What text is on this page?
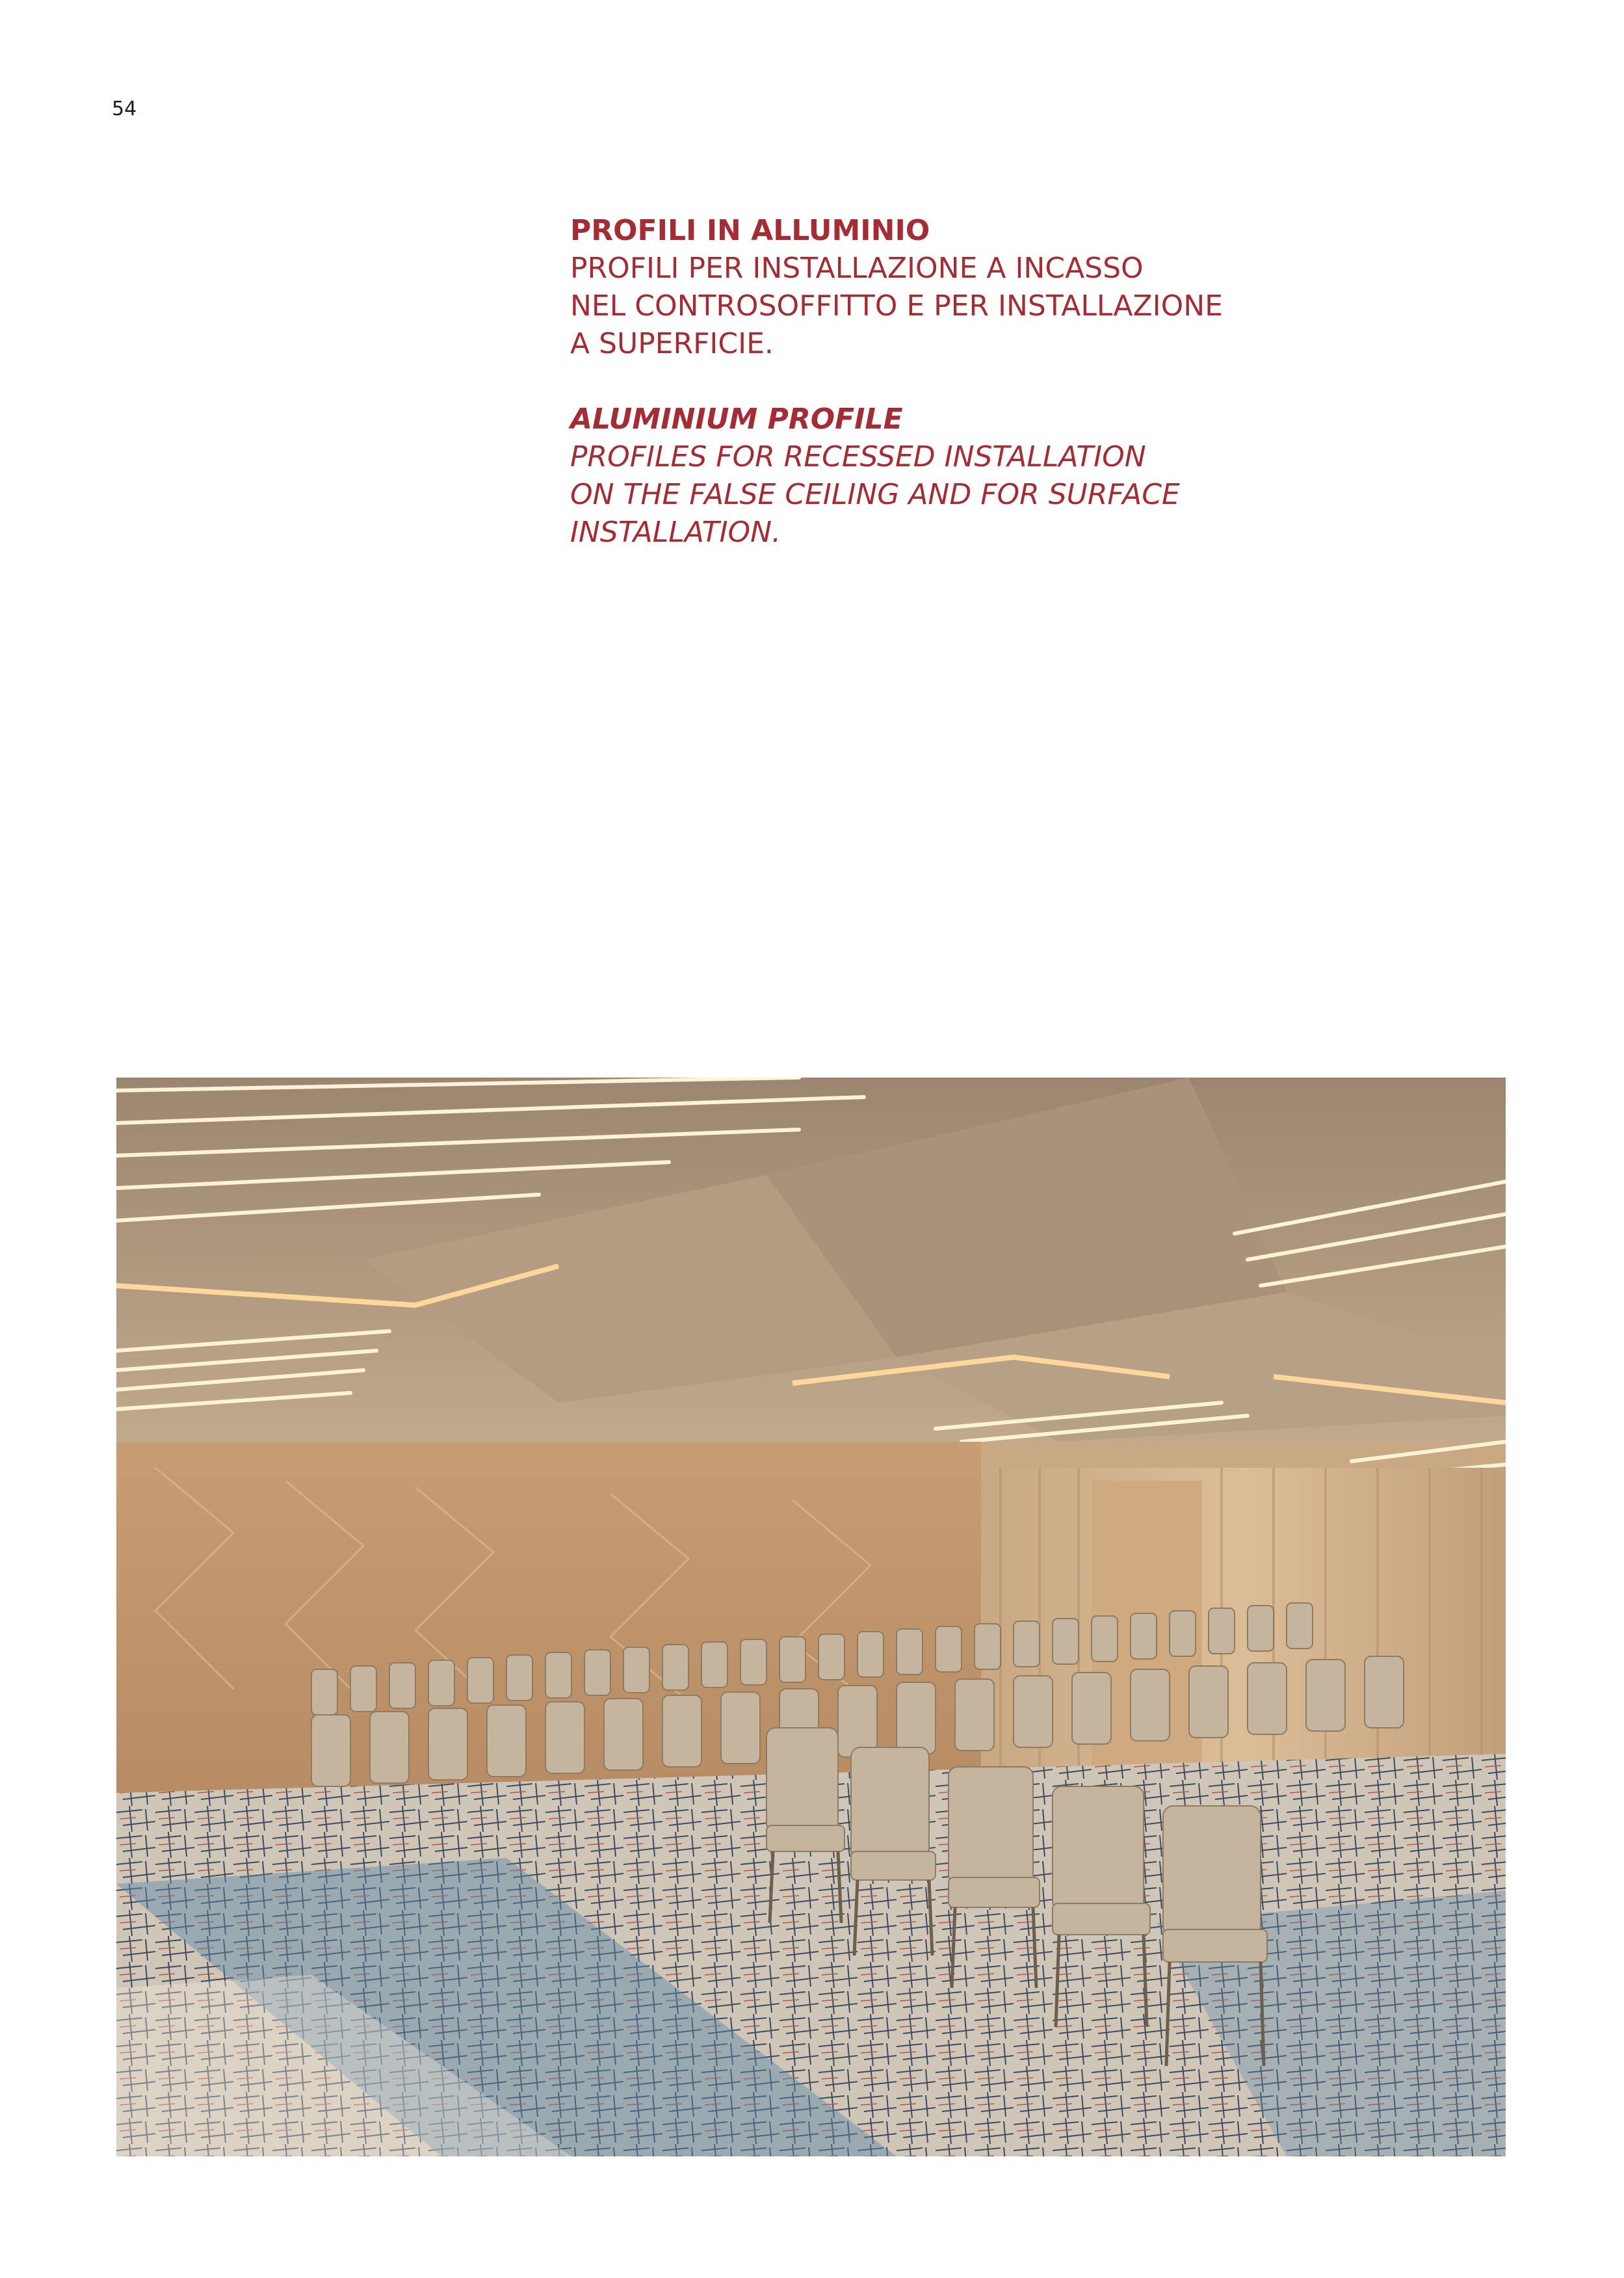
54
PROFILI IN ALLUMINIO
PROFILI PER INSTALLAZIONE A INCASSO
NEL CONTROSOFFITTO E PER INSTALLAZIONE
A SUPERFICIE.
ALUMINIUM PROFILE
PROFILES FOR RECESSED INSTALLATION
ON THE FALSE CEILING AND FOR SURFACE
INSTALLATION.
